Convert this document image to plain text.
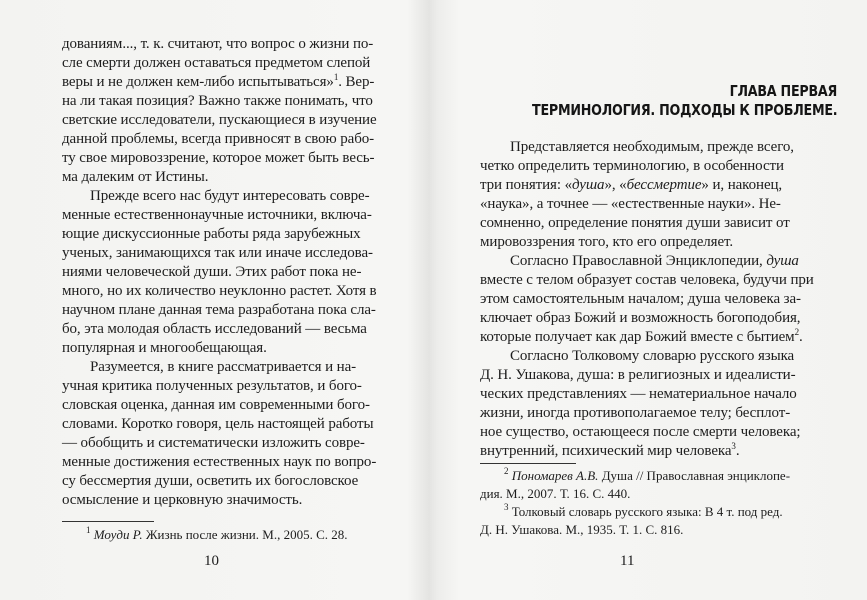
дованиям..., т. к. считают, что вопрос о жизни по-

сле смерти должен оставаться предметом слепой

веры и не должен кем-либо испытываться»$^1$. Вер-

на ли такая позиция? Важно также понимать, что

светские исследователи, пускающиеся в изучение

данной проблемы, всегда привносят в свою рабо-

ту свое мировоззрение, которое может быть весь-

ма далеким от Истины.

Прежде всего нас будут интересовать совре-

менные естественнонаучные источники, включа-

ющие дискуссионные работы ряда зарубежных

ученых, занимающихся так или иначе исследова-

ниями человеческой души. Этих работ пока не-

много, но их количество неуклонно растет. Хотя в

научном плане данная тема разработана пока сла-

бо, эта молодая область исследований — весьма

популярная и многообещающая.

Разумеется, в книге рассматривается и на-

учная критика полученных результатов, и бого-

словская оценка, данная им современными бого-

словами. Коротко говоря, цель настоящей работы

— обобщить и систематически изложить совре-

менные достижения естественных наук по вопро-

су бессмертия души, осветить их богословское

осмысление и церковную значимость.

$^1$ Моуди Р. Жизнь после жизни. М., 2005. С. 28.

10

ГЛАВА ПЕРВАЯ

ТЕРМИНОЛОГИЯ. ПОДХОДЫ К ПРОБЛЕМЕ.

Представляется необходимым, прежде всего,

четко определить терминологию, в особенности

три понятия: «душа», «бессмертие» и, наконец,

«наука», а точнее — «естественные науки». Не-

сомненно, определение понятия души зависит от

мировоззрения того, кто его определяет.

Согласно Православной Энциклопедии, душа

вместе с телом образует состав человека, будучи при

этом самостоятельным началом; душа человека за-

ключает образ Божий и возможность богоподобия,

которые получает как дар Божий вместе с бытием$^2$.

Согласно Толковому словарю русского языка

Д. Н. Ушакова, душа: в религиозных и идеалисти-

ческих представлениях — нематериальное начало

жизни, иногда противополагаемое телу; бесплот-

ное существо, остающееся после смерти человека;

внутренний, психический мир человека$^3$.

$^2$ Пономарев А.В. Душа // Православная энциклопе-

дия. М., 2007. Т. 16. С. 440.

$^3$ Толковый словарь русского языка: В 4 т. под ред.

Д. Н. Ушакова. М., 1935. Т. 1. С. 816.

11
